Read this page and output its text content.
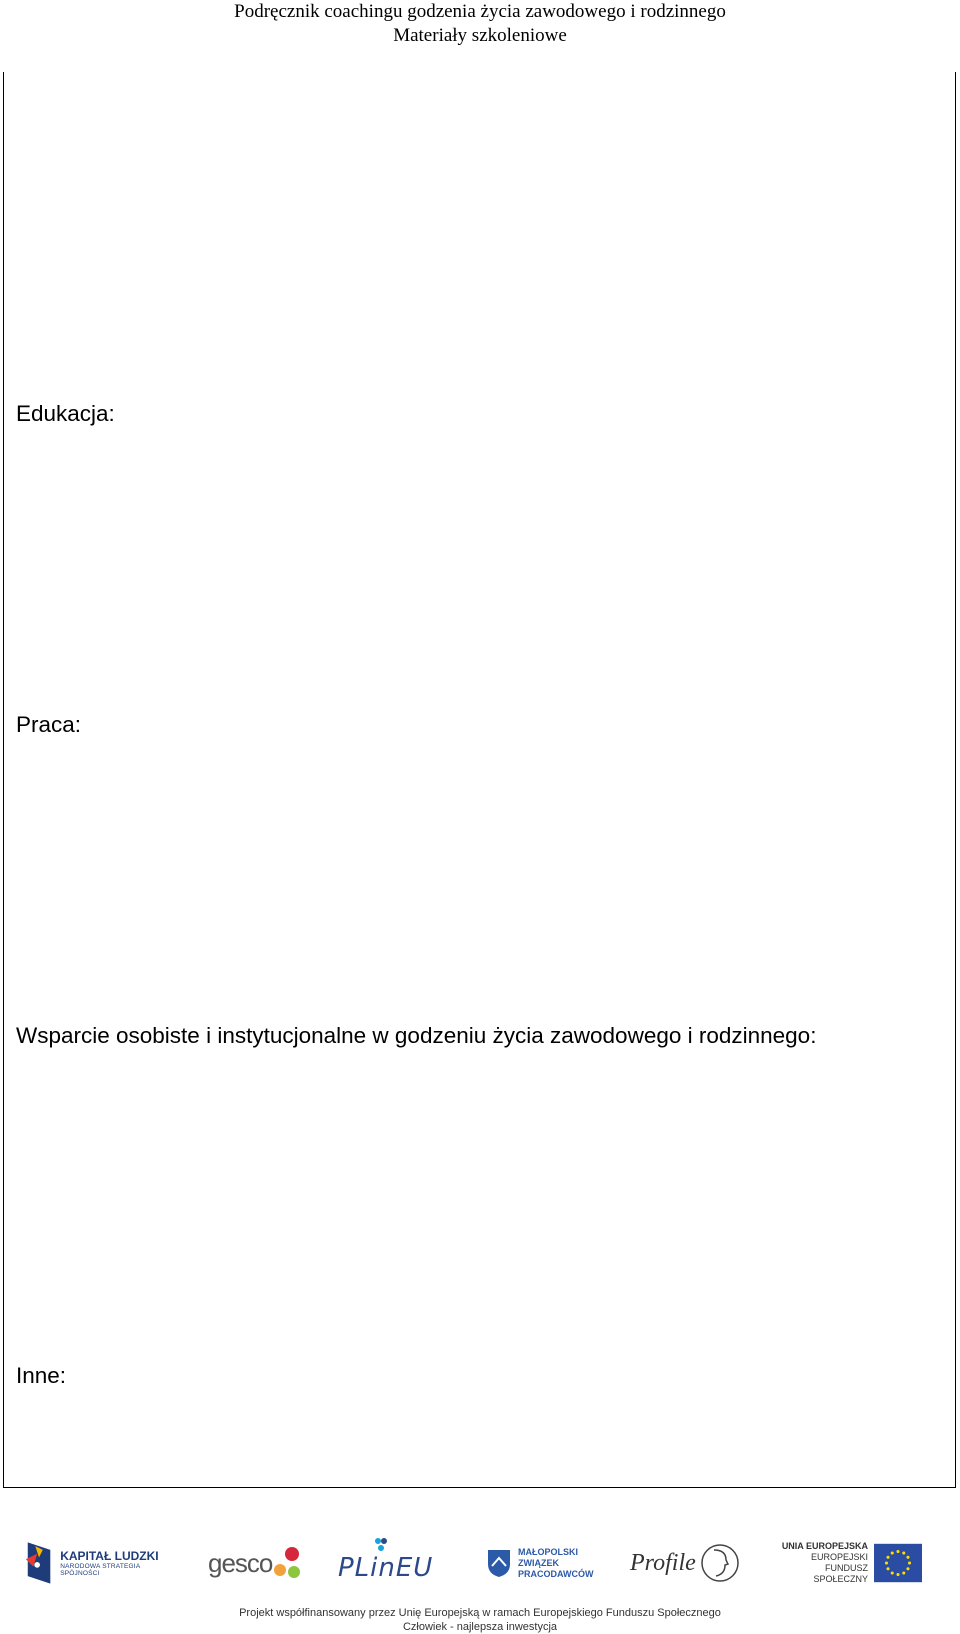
Podręcznik coachingu godzenia życia zawodowego i rodzinnego
Materiały szkoleniowe
Edukacja:
Praca:
Wsparcie osobiste i instytucjonalne w godzeniu życia zawodowego i rodzinnego:
Inne:
KAPITAŁ LUDZKI
NARODOWA STRATEGIA SPÓJNOŚCI	gesco	PLinEU
MAŁOPOLSKI
ZWIĄZEK
PRACODAWCÓW Profile
UNIA EUROPEJSKA
EUROPEJSKI
FUNDUSZ SPOŁECZNY
Projekt współfinansowany przez Unię Europejską w ramach Europejskiego Funduszu Społecznego
Człowiek - najlepsza inwestycja
